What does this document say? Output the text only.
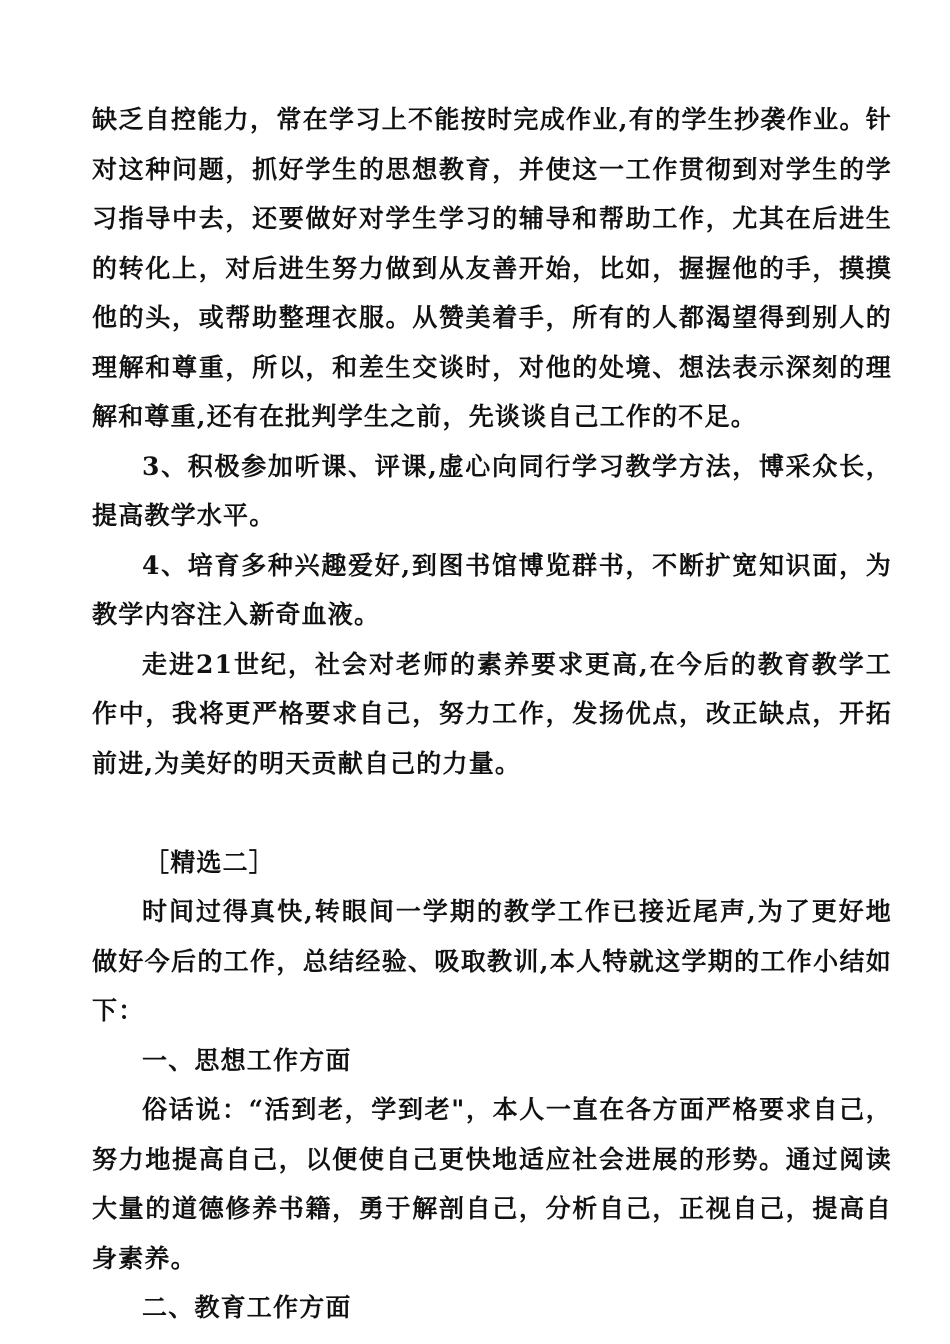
缺乏自控能力，常在学习上不能按时完成作业,有的学生抄袭作业。针对这种问题，抓好学生的思想教育，并使这一工作贯彻到对学生的学习指导中去，还要做好对学生学习的辅导和帮助工作，尤其在后进生的转化上，对后进生努力做到从友善开始，比如，握握他的手，摸摸他的头，或帮助整理衣服。从赞美着手，所有的人都渴望得到别人的理解和尊重，所以，和差生交谈时，对他的处境、想法表示深刻的理解和尊重,还有在批判学生之前，先谈谈自己工作的不足。

3、积极参加听课、评课,虚心向同行学习教学方法，博采众长，提高教学水平。

4、培育多种兴趣爱好,到图书馆博览群书，不断扩宽知识面，为教学内容注入新奇血液。

走进21世纪，社会对老师的素养要求更高,在今后的教育教学工作中，我将更严格要求自己，努力工作，发扬优点，改正缺点，开拓前进,为美好的明天贡献自己的力量。

［精选二］

时间过得真快,转眼间一学期的教学工作已接近尾声,为了更好地做好今后的工作，总结经验、吸取教训,本人特就这学期的工作小结如下：

一、思想工作方面

俗话说：“活到老，学到老"，本人一直在各方面严格要求自己，努力地提高自己，以便使自己更快地适应社会进展的形势。通过阅读大量的道德修养书籍，勇于解剖自己，分析自己，正视自己，提高自身素养。

二、教育工作方面
